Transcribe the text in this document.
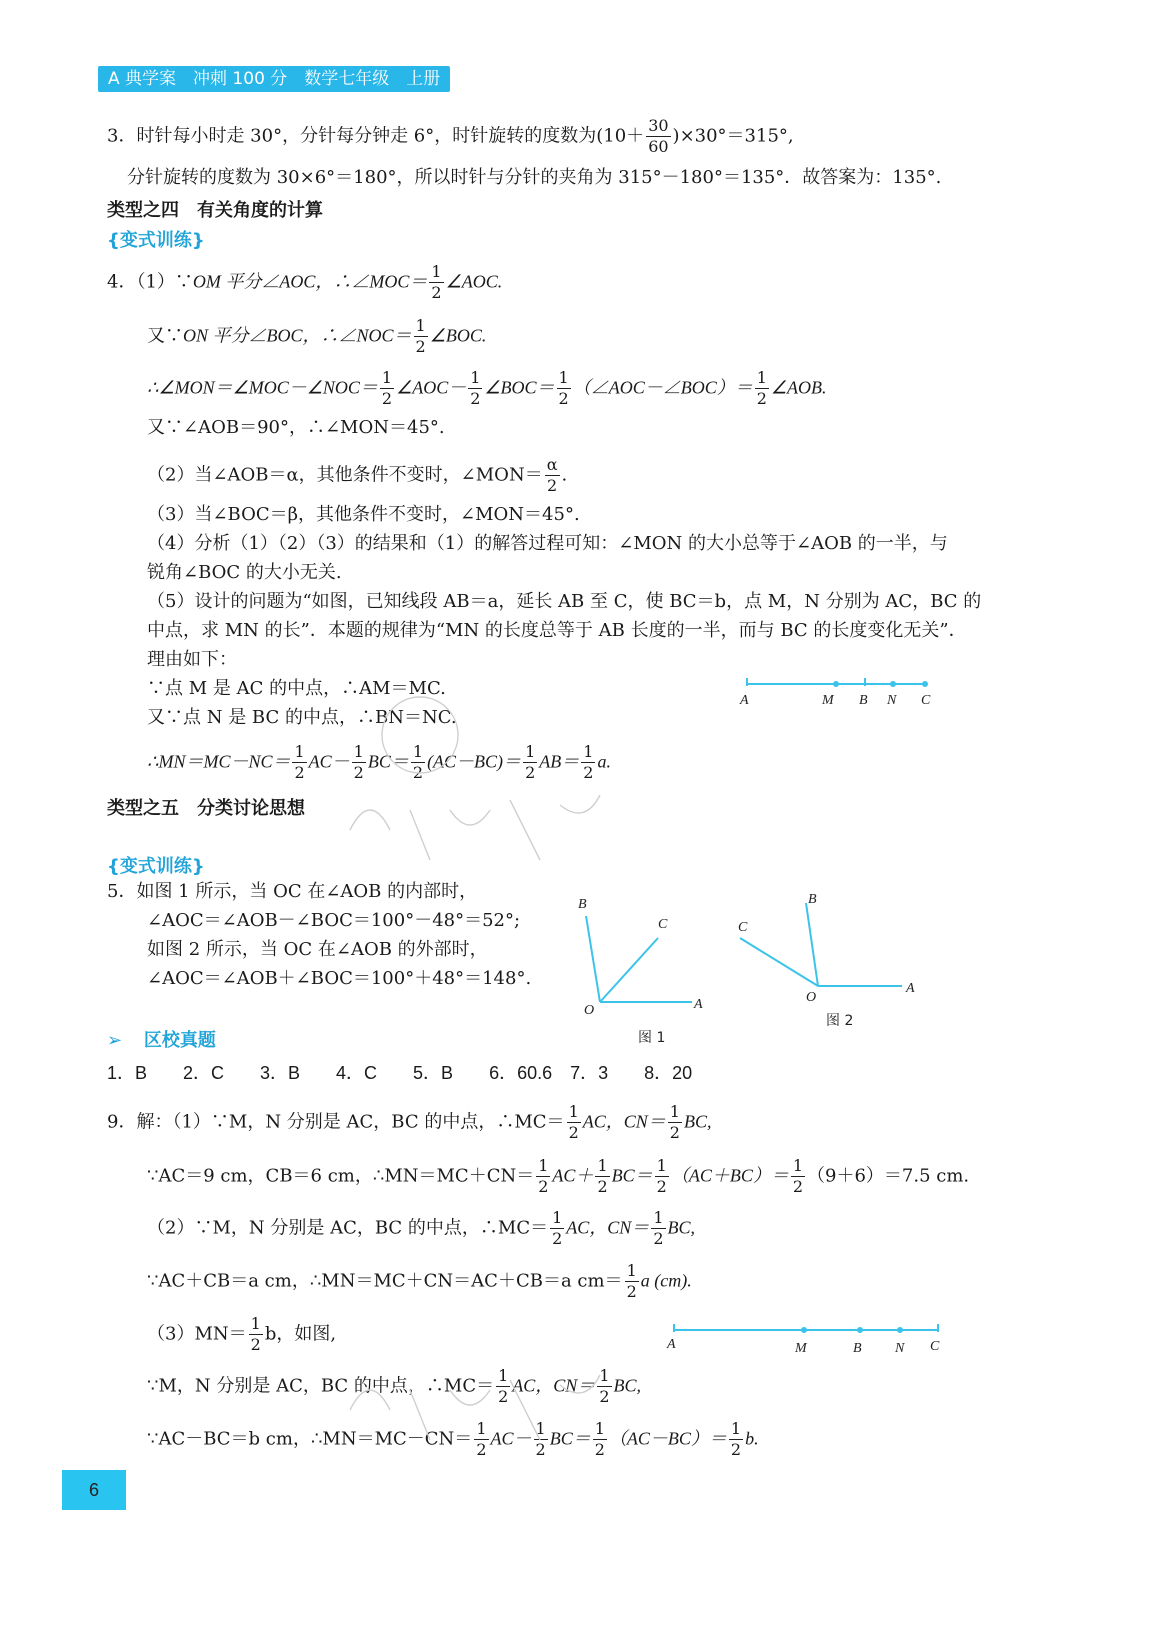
A 典学案　冲刺 100 分　数学七年级　上册
3．时针每小时走 30°，分针每分钟走 6°，时针旋转的度数为$(10+ \frac{30}{60} )\times 30^\circ=315^\circ$,
分针旋转的度数为 30×6°＝180°，所以时针与分针的夹角为 315°－180°＝135°．故答案为：135°.
类型之四　有关角度的计算
{变式训练}
4．（1）∵OM 平分∠AOC，∴∠MOC＝ $\frac{1}{2}$ ∠AOC.
又∵ON 平分∠BOC，∴∠NOC＝ $\frac{1}{2}$ ∠BOC.
∴∠MON＝∠MOC－∠NOC＝ $\frac{1}{2}$ ∠AOC－ $\frac{1}{2}$ ∠BOC＝ $\frac{1}{2}$ （∠AOC－∠BOC）＝ $\frac{1}{2}$ ∠AOB.
又∵∠AOB＝90°，∴∠MON＝45°.
（2）当∠AOB＝α，其他条件不变时，∠MON＝ $\frac{\alpha}{2}$ .
（3）当∠BOC＝β，其他条件不变时，∠MON＝45°.
（4）分析（1）（2）（3）的结果和（1）的解答过程可知：∠MON 的大小总等于∠AOB 的一半，与
锐角∠BOC 的大小无关.
（5）设计的问题为“如图，已知线段 AB＝a，延长 AB 至 C，使 BC＝b，点 M，N 分别为 AC，BC 的
中点，求 MN 的长”．本题的规律为“MN 的长度总等于 AB 长度的一半，而与 BC 的长度变化无关”．
理由如下：
∵点 M 是 AC 的中点，∴AM＝MC.
又∵点 N 是 BC 的中点，∴BN＝NC.
∴MN＝MC－NC＝ $\frac{1}{2} AC- \frac{1}{2} BC= \frac{1}{2} (AC-BC)= \frac{1}{2} AB= \frac{1}{2} a$.
A	M B N C
类型之五　分类讨论思想
{变式训练}
5．如图 1 所示，当 OC 在∠AOB 的内部时，
∠AOC＝∠AOB－∠BOC＝100°－48°＝52°;
如图 2 所示，当 OC 在∠AOB 的外部时，
∠AOC＝∠AOB＋∠BOC＝100°＋48°＝148°.
B
C
O	A
图 1
B
C
O
A
图 2
➢ 区校真题
1．B　　2．C　　3．B　　4．C　　5．B　　6．60.6　7．3　　8．20
9．解：（1）∵M，N 分别是 AC，BC 的中点，∴MC＝ $\frac{1}{2}$ AC，$CN= \frac{1}{2}$ BC,
∵AC＝9 cm，CB＝6 cm，∴MN＝MC＋CN＝ $\frac{1}{2} AC+ \frac{1}{2} BC= \frac{1}{2} (AC+BC)= \frac{1}{2} (9+6)=7.5$ cm.
（2）∵M，N 分别是 AC，BC 的中点，∴MC＝ $\frac{1}{2}$ AC，$CN= \frac{1}{2}$ BC,
∵AC＋CB＝a cm，∴MN＝MC＋CN＝AC＋CB＝a $cm= \frac{1}{2}$ a (cm).
$(3)MN= \frac{1}{2}$ b，如图,
∵M，N 分别是 AC，BC 的中点，∴MC＝ $\frac{1}{2}$ AC，$CN= \frac{1}{2}$ BC,
∵AC－BC＝b cm，∴MN＝MC－CN＝ $\frac{1}{2} AC- \frac{1}{2} BC= \frac{1}{2} (AC-BC)= \frac{1}{2} b$.
A	M	B N C
6
